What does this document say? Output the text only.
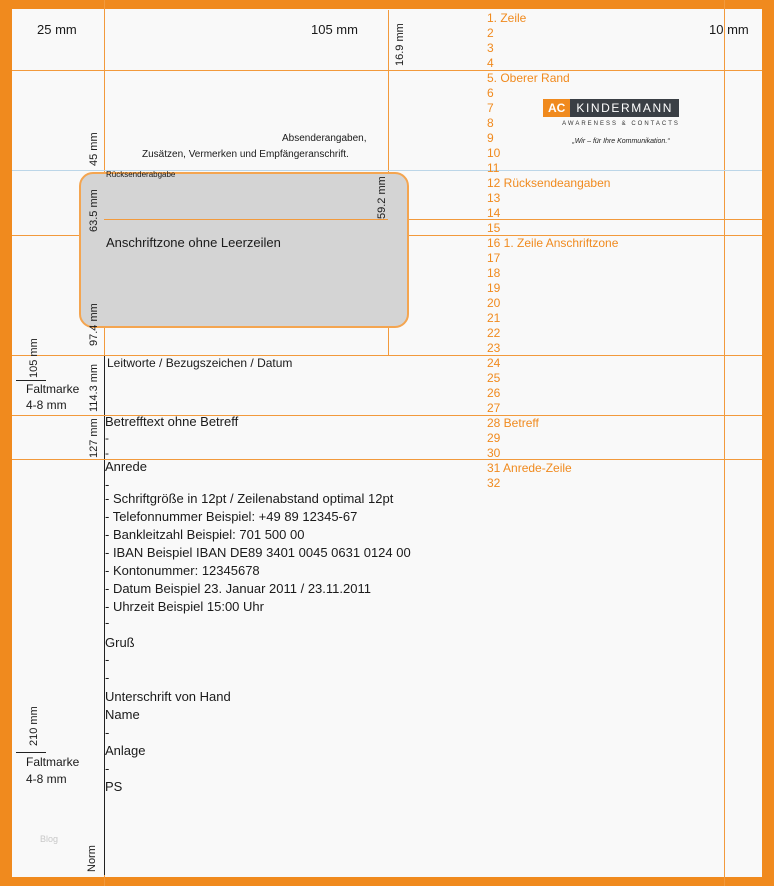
25 mm	105 mm	10 mm
16.9 mm
45 mm
63.5 mm	59.2 mm
97.4 mm
105 mm
114.3 mm
127 mm
210 mm
Norm
Faltmarke
4-8 mm
Faltmarke
4-8 mm
Absenderangaben,
Zusätzen, Vermerken und Empfängeranschrift.
Rücksenderabgabe
Anschriftzone ohne Leerzeilen
Leitworte / Bezugszeichen / Datum
Betrefftext ohne Betreff
-
-
Anrede
-
- Schriftgröße in 12pt / Zeilenabstand optimal 12pt
- Telefonnummer Beispiel: +49 89 12345-67
- Bankleitzahl Beispiel: 701 500 00
- IBAN Beispiel IBAN DE89 3401 0045 0631 0124 00
- Kontonummer: 12345678
- Datum Beispiel 23. Januar 2011 / 23.11.2011
- Uhrzeit Beispiel 15:00 Uhr
-
Gruß
-
-
Unterschrift von Hand
Name
-
Anlage
-
PS
1. Zeile
2
3
4
5. Oberer Rand
6
7
8
9
10
11
12 Rücksendeangaben
13
14
15
16 1. Zeile Anschriftzone
17
18
19
20
21
22
23
24
25
26
27
28 Betreff
29
30
31 Anrede-Zeile
32
AC KINDERMANN
AWARENESS & CONTACTS
„Wir – für Ihre Kommunikation.“
Blog
